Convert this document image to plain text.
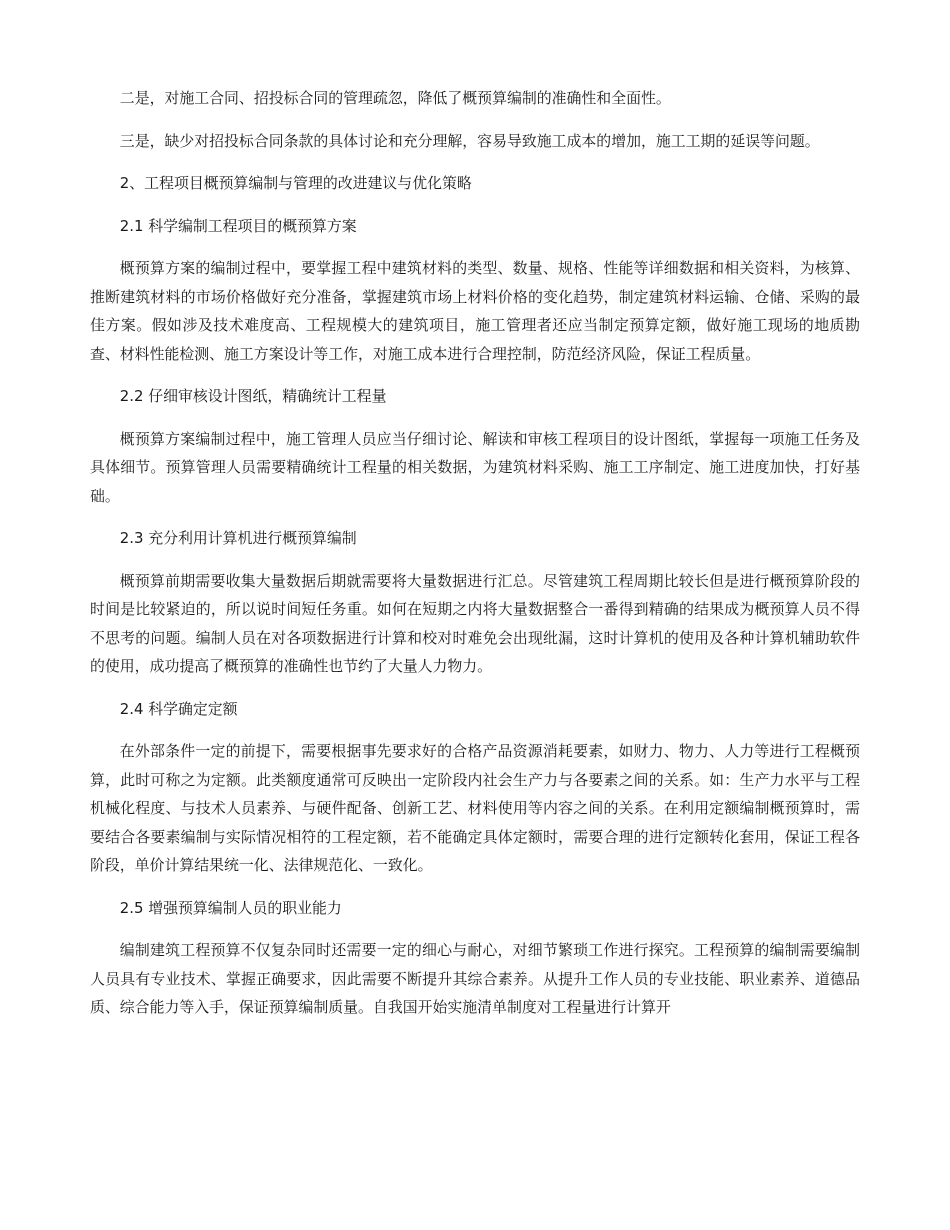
二是，对施工合同、招投标合同的管理疏忽，降低了概预算编制的准确性和全面性。

三是，缺少对招投标合同条款的具体讨论和充分理解，容易导致施工成本的增加，施工工期的延误等问题。

2、工程项目概预算编制与管理的改进建议与优化策略

2.1 科学编制工程项目的概预算方案

概预算方案的编制过程中，要掌握工程中建筑材料的类型、数量、规格、性能等详细数据和相关资料，为核算、推断建筑材料的市场价格做好充分准备，掌握建筑市场上材料价格的变化趋势，制定建筑材料运输、仓储、采购的最佳方案。假如涉及技术难度高、工程规模大的建筑项目，施工管理者还应当制定预算定额，做好施工现场的地质勘查、材料性能检测、施工方案设计等工作，对施工成本进行合理控制，防范经济风险，保证工程质量。

2.2 仔细审核设计图纸，精确统计工程量

概预算方案编制过程中，施工管理人员应当仔细讨论、解读和审核工程项目的设计图纸，掌握每一项施工任务及具体细节。预算管理人员需要精确统计工程量的相关数据，为建筑材料采购、施工工序制定、施工进度加快，打好基础。

2.3 充分利用计算机进行概预算编制

概预算前期需要收集大量数据后期就需要将大量数据进行汇总。尽管建筑工程周期比较长但是进行概预算阶段的时间是比较紧迫的，所以说时间短任务重。如何在短期之内将大量数据整合一番得到精确的结果成为概预算人员不得不思考的问题。编制人员在对各项数据进行计算和校对时难免会出现纰漏，这时计算机的使用及各种计算机辅助软件的使用，成功提高了概预算的准确性也节约了大量人力物力。

2.4 科学确定定额

在外部条件一定的前提下，需要根据事先要求好的合格产品资源消耗要素，如财力、物力、人力等进行工程概预算，此时可称之为定额。此类额度通常可反映出一定阶段内社会生产力与各要素之间的关系。如：生产力水平与工程机械化程度、与技术人员素养、与硬件配备、创新工艺、材料使用等内容之间的关系。在利用定额编制概预算时，需要结合各要素编制与实际情况相符的工程定额，若不能确定具体定额时，需要合理的进行定额转化套用，保证工程各阶段，单价计算结果统一化、法律规范化、一致化。

2.5 增强预算编制人员的职业能力

编制建筑工程预算不仅复杂同时还需要一定的细心与耐心，对细节繁琐工作进行探究。工程预算的编制需要编制人员具有专业技术、掌握正确要求，因此需要不断提升其综合素养。从提升工作人员的专业技能、职业素养、道德品质、综合能力等入手，保证预算编制质量。自我国开始实施清单制度对工程量进行计算开
